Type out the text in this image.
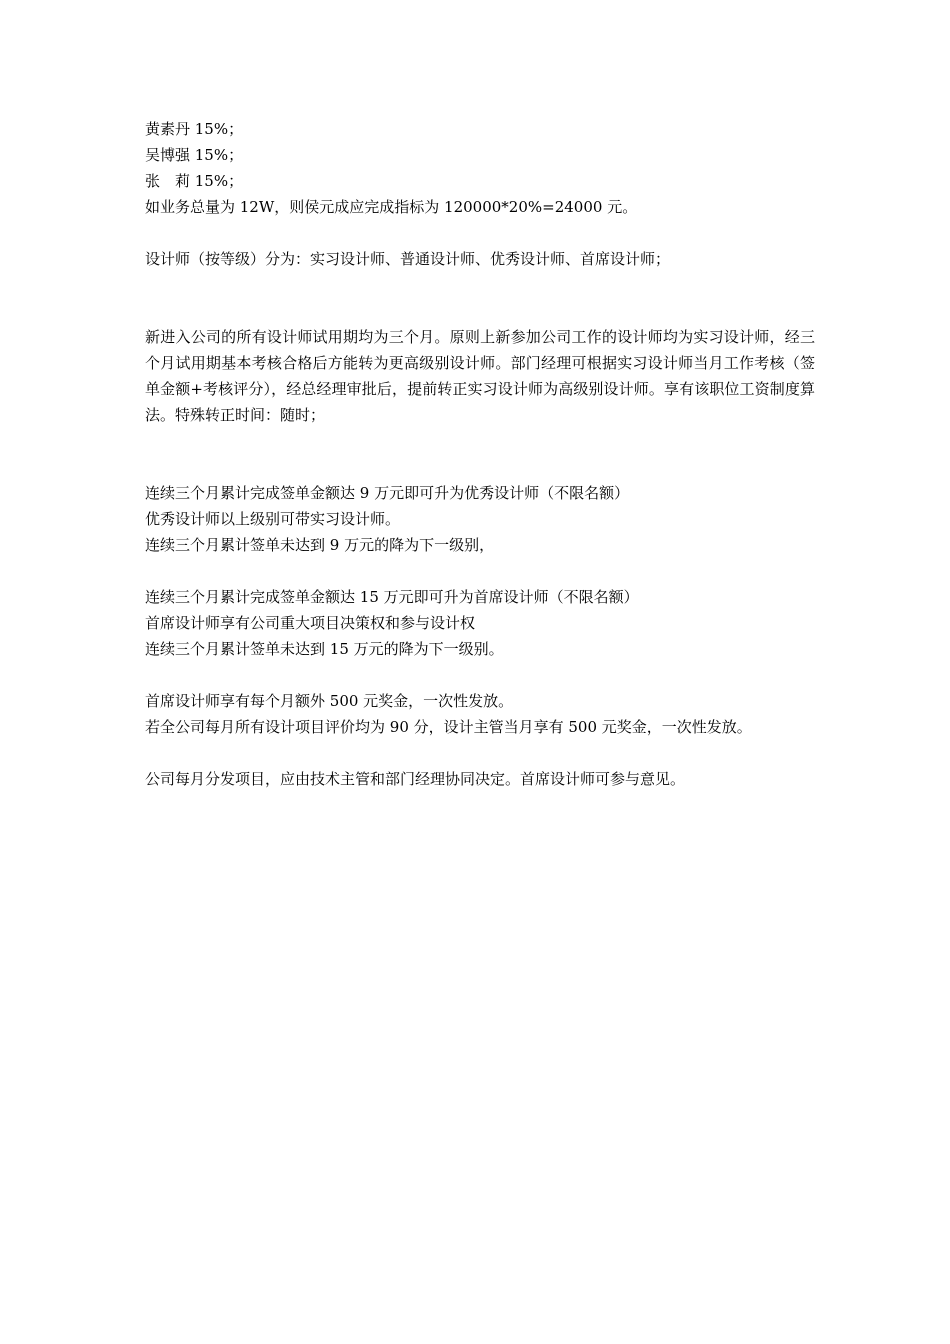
黄素丹 15%；
吴博强 15%；
张　莉 15%；
如业务总量为 12W，则侯元成应完成指标为 120000*20%=24000 元。
设计师（按等级）分为：实习设计师、普通设计师、优秀设计师、首席设计师；
新进入公司的所有设计师试用期均为三个月。原则上新参加公司工作的设计师均为实习设计师，经三个月试用期基本考核合格后方能转为更高级别设计师。部门经理可根据实习设计师当月工作考核（签单金额+考核评分），经总经理审批后，提前转正实习设计师为高级别设计师。享有该职位工资制度算法。特殊转正时间：随时；
连续三个月累计完成签单金额达 9 万元即可升为优秀设计师（不限名额）
优秀设计师以上级别可带实习设计师。
连续三个月累计签单未达到 9 万元的降为下一级别，
连续三个月累计完成签单金额达 15 万元即可升为首席设计师（不限名额）
首席设计师享有公司重大项目决策权和参与设计权
连续三个月累计签单未达到 15 万元的降为下一级别。
首席设计师享有每个月额外 500 元奖金，一次性发放。
若全公司每月所有设计项目评价均为 90 分，设计主管当月享有 500 元奖金，一次性发放。
公司每月分发项目，应由技术主管和部门经理协同决定。首席设计师可参与意见。
